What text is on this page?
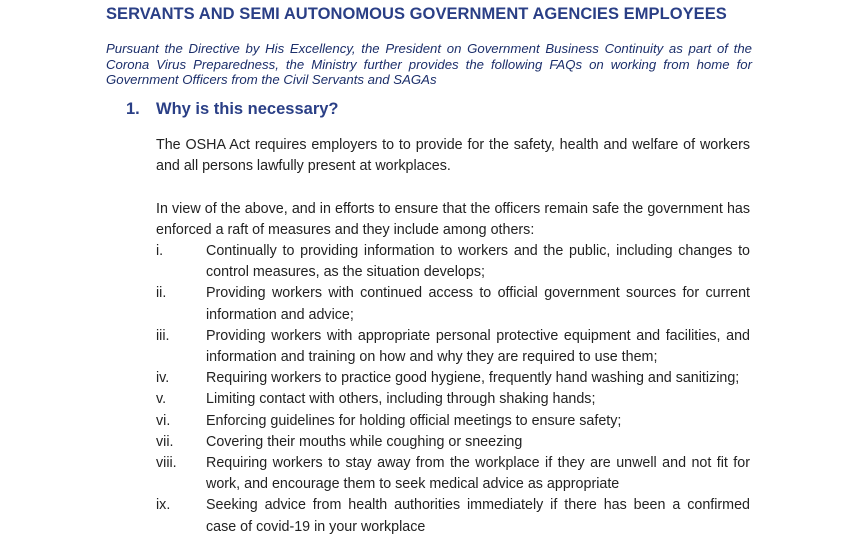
SERVANTS AND SEMI AUTONOMOUS GOVERNMENT AGENCIES EMPLOYEES
Pursuant the Directive by His Excellency, the President on Government Business Continuity as part of the Corona Virus Preparedness, the Ministry further provides the following FAQs on working from home for Government Officers from the Civil Servants and SAGAs
1. Why is this necessary?
The OSHA Act requires employers to to provide for the safety, health and welfare of workers and all persons lawfully present at workplaces.
In view of the above, and in efforts to ensure that the officers remain safe the government has enforced a raft of measures and they include among others:
i.	Continually to providing information to workers and the public, including changes to control measures, as the situation develops;
ii.	Providing workers with continued access to official government sources for current information and advice;
iii.	Providing workers with appropriate personal protective equipment and facilities, and information and training on how and why they are required to use them;
iv.	Requiring workers to practice good hygiene, frequently hand washing and sanitizing;
v.	Limiting contact with others, including through shaking hands;
vi.	Enforcing guidelines for holding official meetings to ensure safety;
vii.	Covering their mouths while coughing or sneezing
viii.	Requiring workers to stay away from the workplace if they are unwell and not fit for work, and encourage them to seek medical advice as appropriate
ix.	Seeking advice from health authorities immediately if there has been a confirmed case of covid-19 in your workplace
